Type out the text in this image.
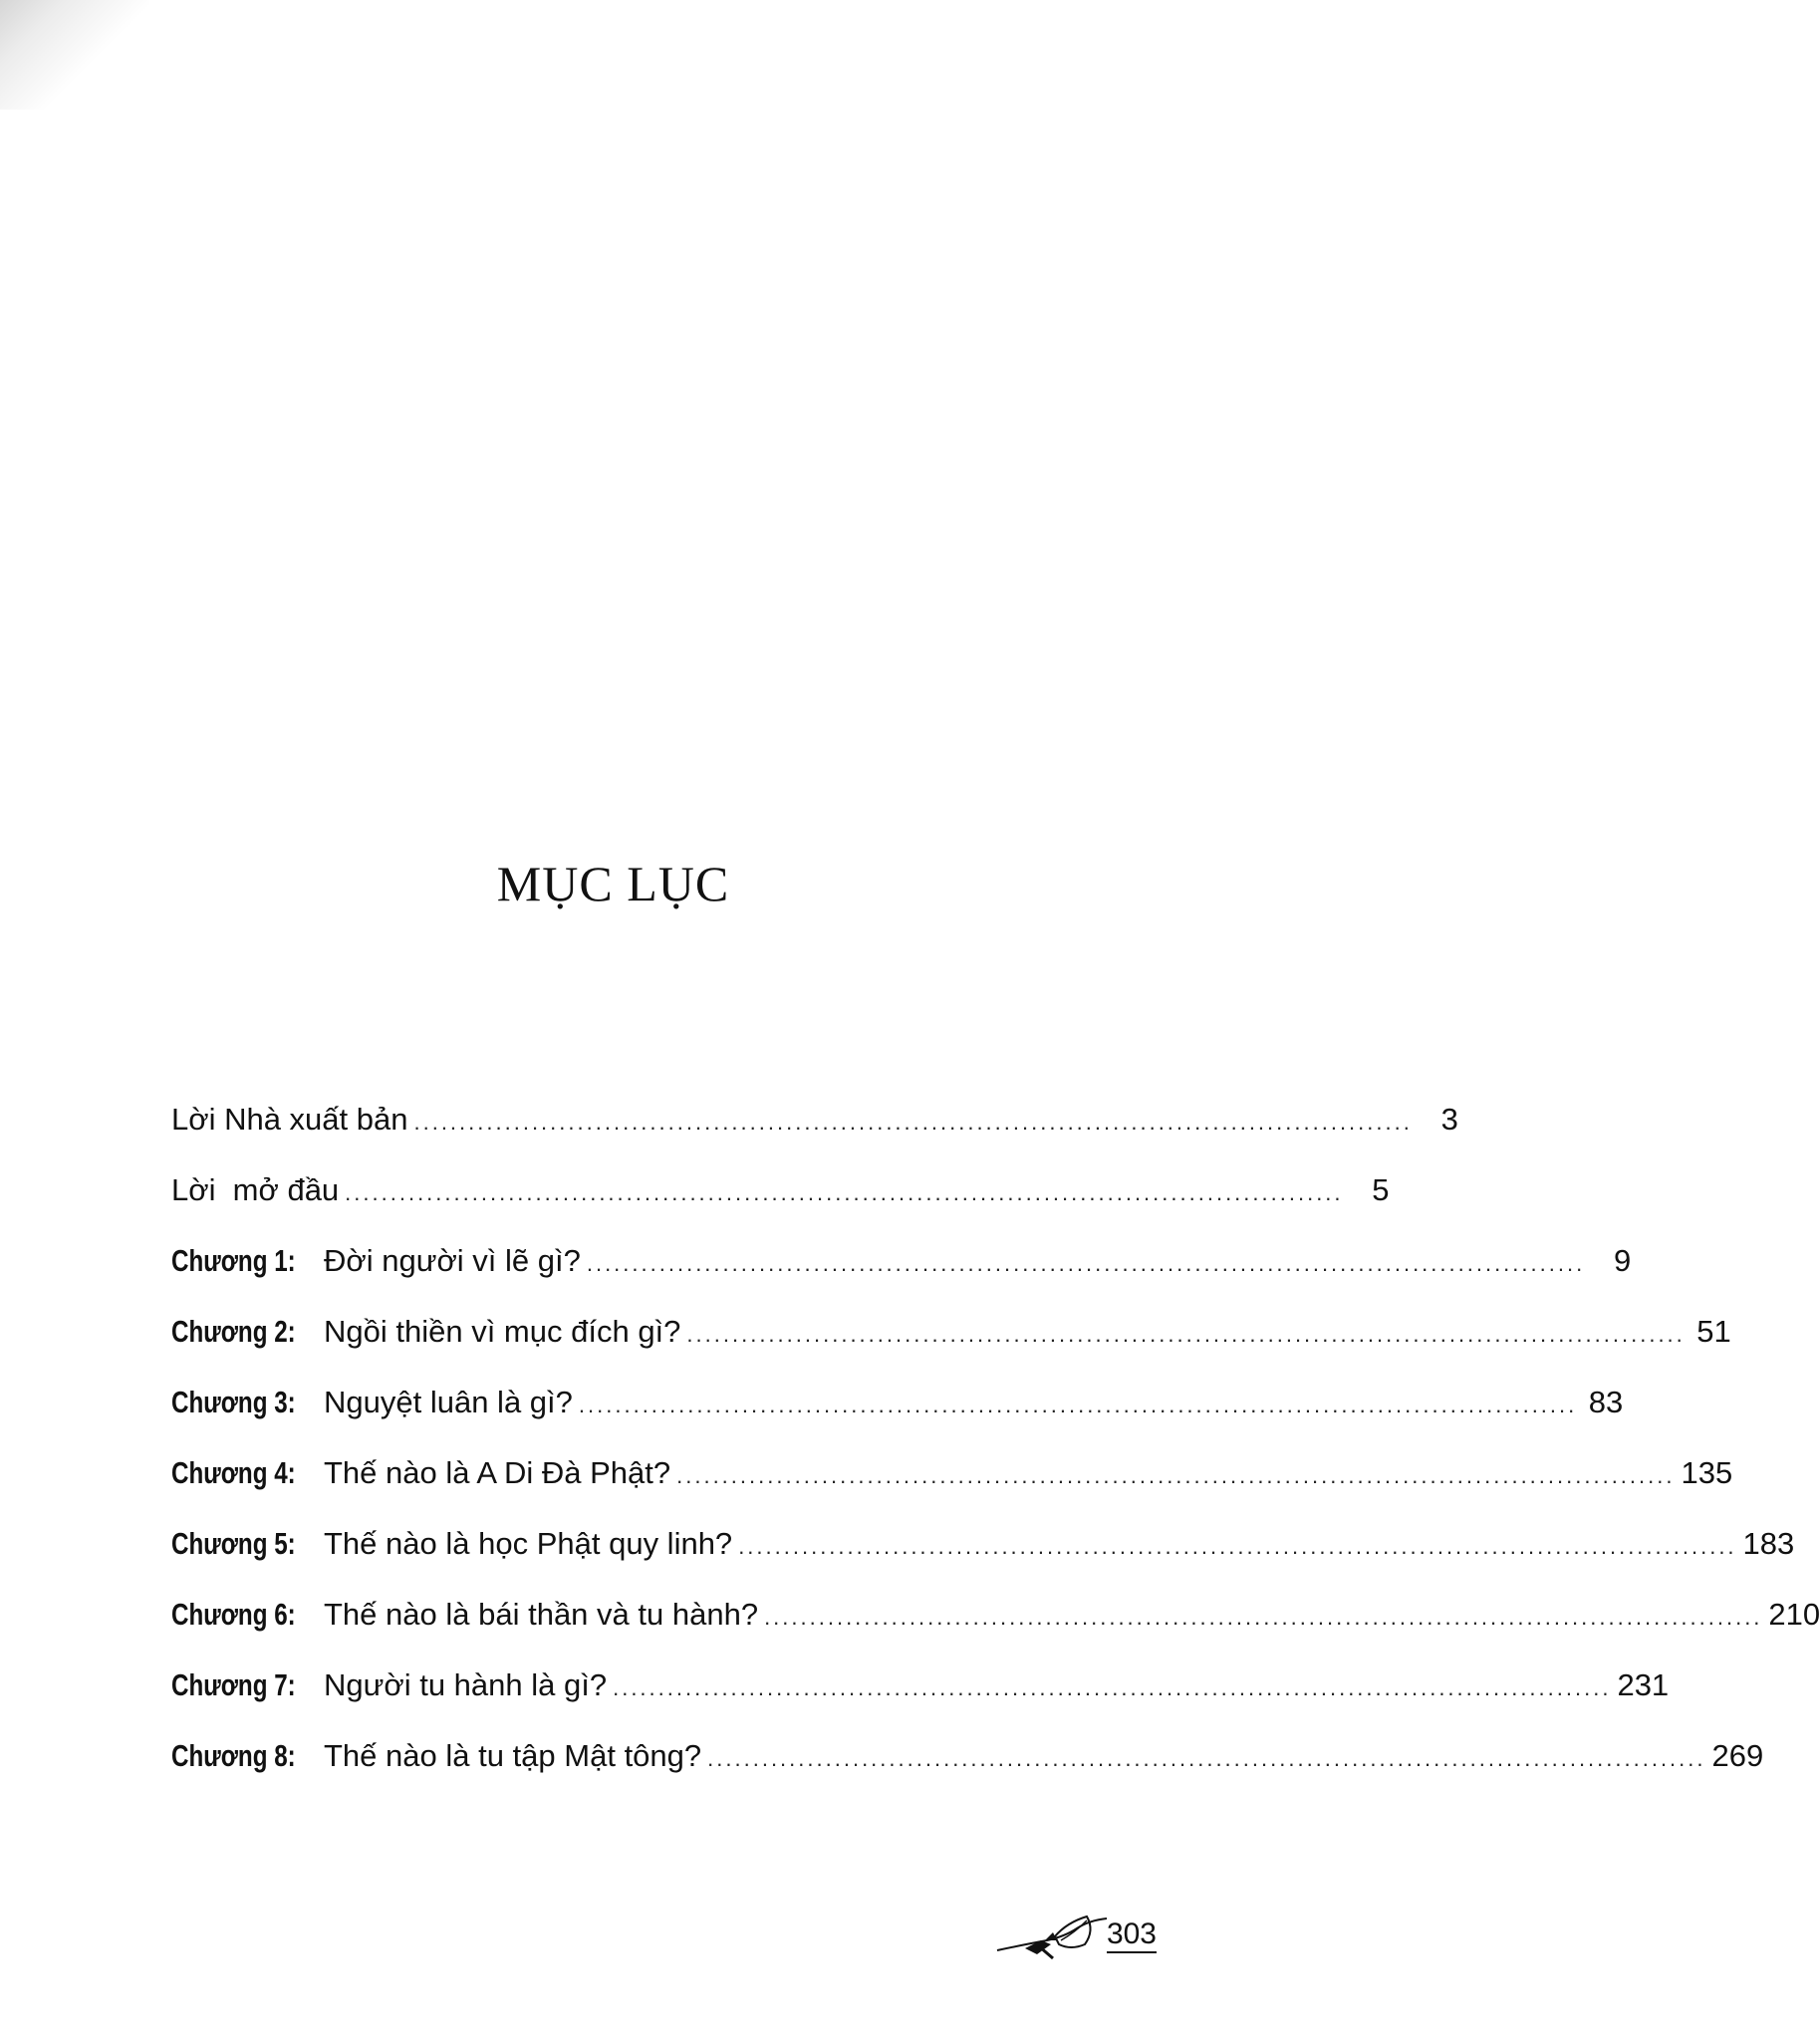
MỤC LỤC
Lời Nhà xuất bản .............................................................................................................. 3
Lời  mở đầu .............................................................................................................. 5
Chương 1: Đời người vì lẽ gì? .............................................................................................................. 9
Chương 2: Ngồi thiền vì mục đích gì? .............................................................................................................. 51
Chương 3: Nguyệt luân là gì? .............................................................................................................. 83
Chương 4: Thế nào là A Di Đà Phật? .............................................................................................................. 135
Chương 5: Thế nào là học Phật quy linh? .............................................................................................................. 183
Chương 6: Thế nào là bái thần và tu hành? .............................................................................................................. 210
Chương 7: Người tu hành là gì? .............................................................................................................. 231
Chương 8: Thế nào là tu tập Mật tông? .............................................................................................................. 269
303
